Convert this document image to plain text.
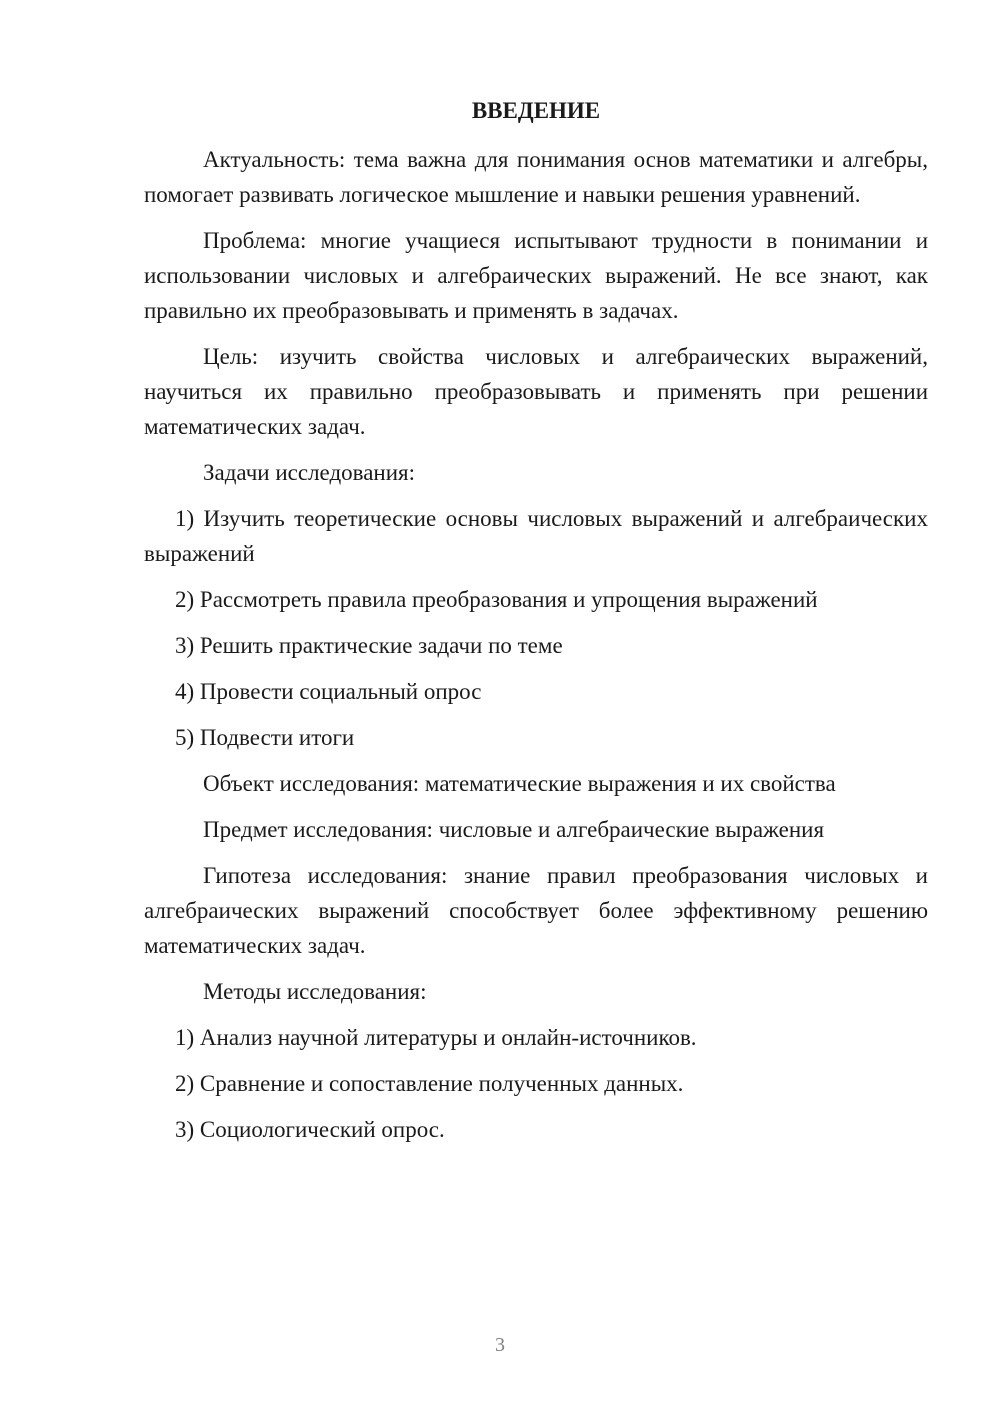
ВВЕДЕНИЕ

Актуальность: тема важна для понимания основ математики и алгебры, помогает развивать логическое мышление и навыки решения уравнений.

Проблема: многие учащиеся испытывают трудности в понимании и использовании числовых и алгебраических выражений. Не все знают, как правильно их преобразовывать и применять в задачах.

Цель: изучить свойства числовых и алгебраических выражений, научиться их правильно преобразовывать и применять при решении математических задач.

Задачи исследования:

1) Изучить теоретические основы числовых выражений и алгебраических выражений

2) Рассмотреть правила преобразования и упрощения выражений

3) Решить практические задачи по теме

4) Провести социальный опрос

5) Подвести итоги

Объект исследования: математические выражения и их свойства

Предмет исследования: числовые и алгебраические выражения

Гипотеза исследования: знание правил преобразования числовых и алгебраических выражений способствует более эффективному решению математических задач.

Методы исследования:

1) Анализ научной литературы и онлайн-источников.

2) Сравнение и сопоставление полученных данных.

3) Социологический опрос.

3
